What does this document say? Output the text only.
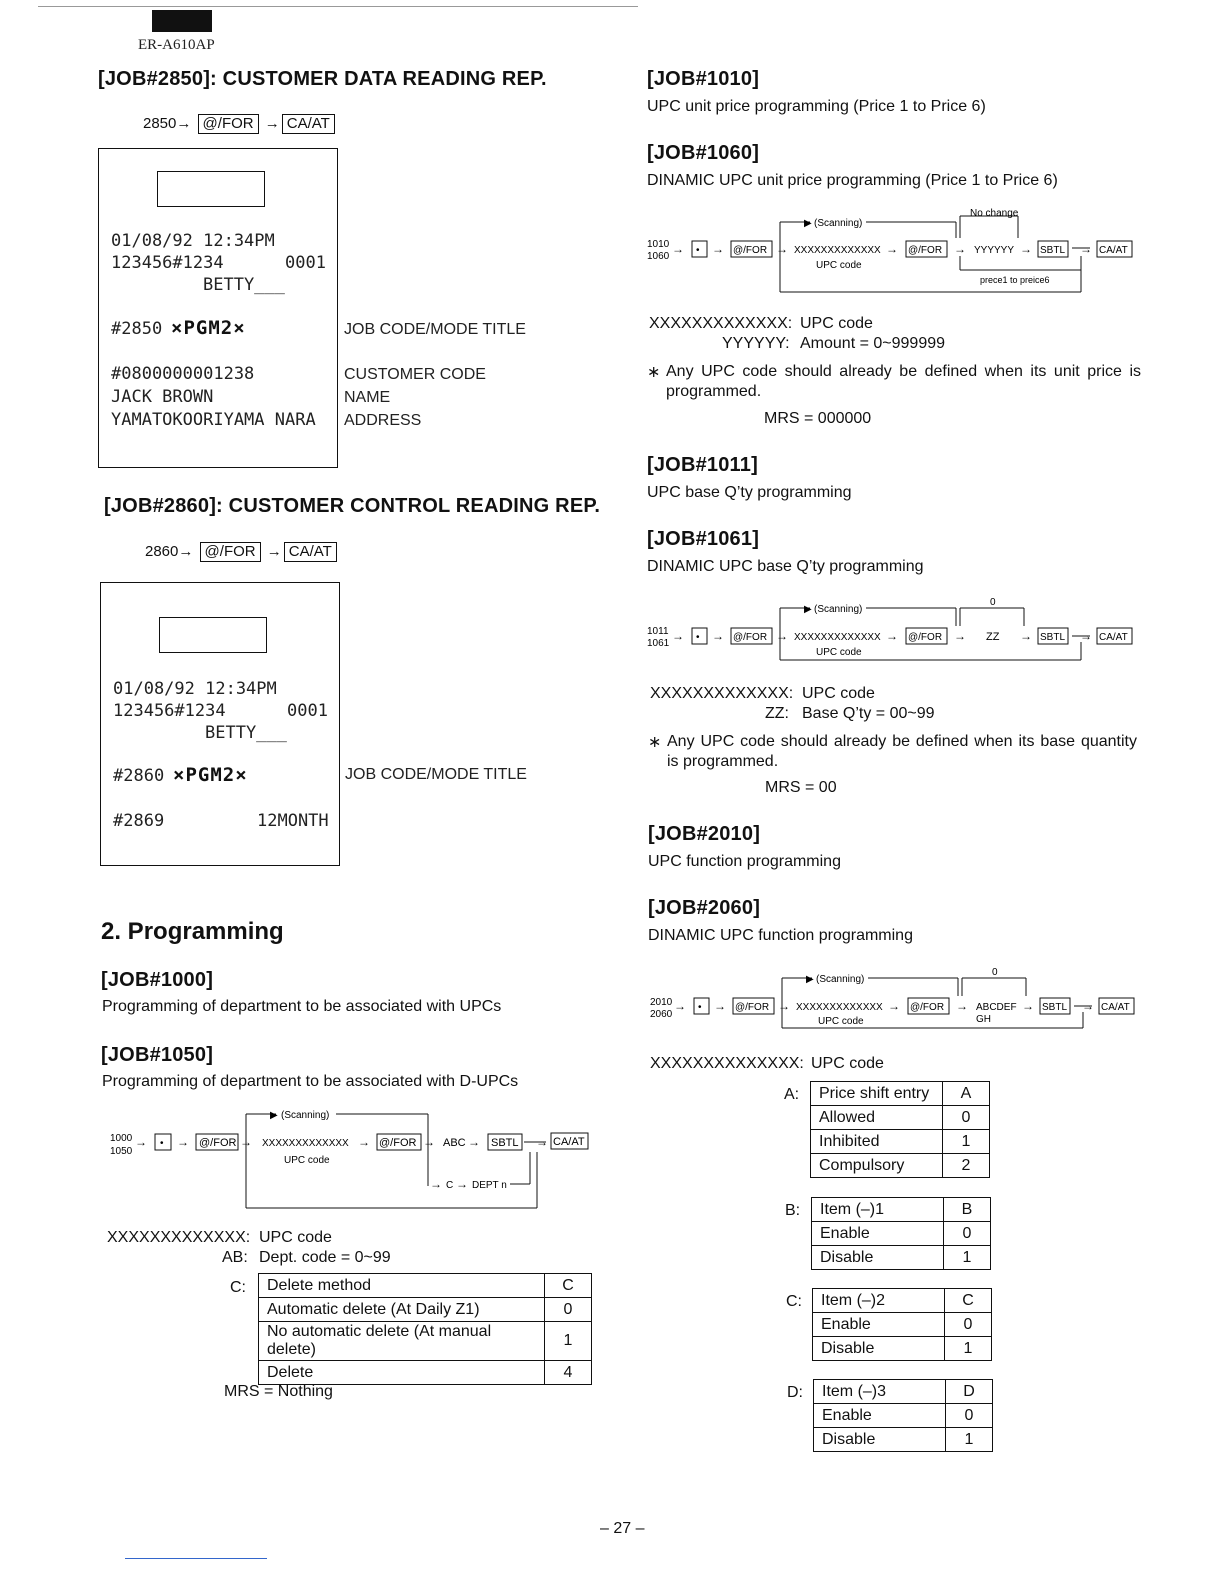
ER-A610AP
[JOB#2850]: CUSTOMER DATA READING REP.
2850→ @/FOR → CA/AT
01/08/92 12:34PM
123456#1234	0001
BETTY___
#2850 ×PGM2×
#0800000001238
JACK BROWN
YAMATOKOORIYAMA NARA
JOB CODE/MODE TITLE
CUSTOMER CODE
NAME
ADDRESS
[JOB#2860]: CUSTOMER CONTROL READING REP.
2860→ @/FOR → CA/AT
01/08/92 12:34PM
123456#1234	0001
BETTY___
#2860 ×PGM2×
#2869	12MONTH
JOB CODE/MODE TITLE
2. Programming
[JOB#1000]
Programming of department to be associated with UPCs
[JOB#1050]
Programming of department to be associated with D-UPCs
1000
1050
→ • → @/FOR →
▶ (Scanning)
XXXXXXXXXXXXX
UPC code
→ @/FOR → ABC → SBTL → CA/AT
→ C → DEPT n
XXXXXXXXXXXXX: UPC code
AB: Dept. code = 0~99
C: Delete method	C
Automatic delete (At Daily Z1)	0
No automatic delete (At manual delete)	1
Delete	4
MRS = Nothing
[JOB#1010]
UPC unit price programming (Price 1 to Price 6)
[JOB#1060]
DINAMIC UPC unit price programming (Price 1 to Price 6)
1010
1060
→ • → @/FOR →
▶ (Scanning)
No change
XXXXXXXXXXXXX
UPC code
→ @/FOR → YYYYYY → SBTL → CA/AT
prece1 to preice6
XXXXXXXXXXXXX: UPC code
YYYYYY: Amount = 0~999999
∗ Any UPC code should already be defined when its unit price is programmed.
MRS = 000000
[JOB#1011]
UPC base Q’ty programming
[JOB#1061]
DINAMIC UPC base Q’ty programming
1011
1061
→ • → @/FOR →
▶ (Scanning)
0
XXXXXXXXXXXXX
UPC code
→ @/FOR → ZZ → SBTL → CA/AT
XXXXXXXXXXXXX: UPC code
ZZ: Base Q’ty = 00~99
∗ Any UPC code should already be defined when its base quantity is programmed.
MRS = 00
[JOB#2010]
UPC function programming
[JOB#2060]
DINAMIC UPC function programming
2010
2060
→ • → @/FOR →
▶ (Scanning)
0
XXXXXXXXXXXXX
UPC code
→ @/FOR → ABCDEF
GH
→ SBTL → CA/AT
XXXXXXXXXXXXXX: UPC code
A: Price shift entry	A
Allowed	0
Inhibited	1
Compulsory	2
B: Item (–)1	B
Enable	0
Disable	1
C: Item (–)2	C
Enable	0
Disable	1
D: Item (–)3	D
Enable	0
Disable	1
– 27 –
